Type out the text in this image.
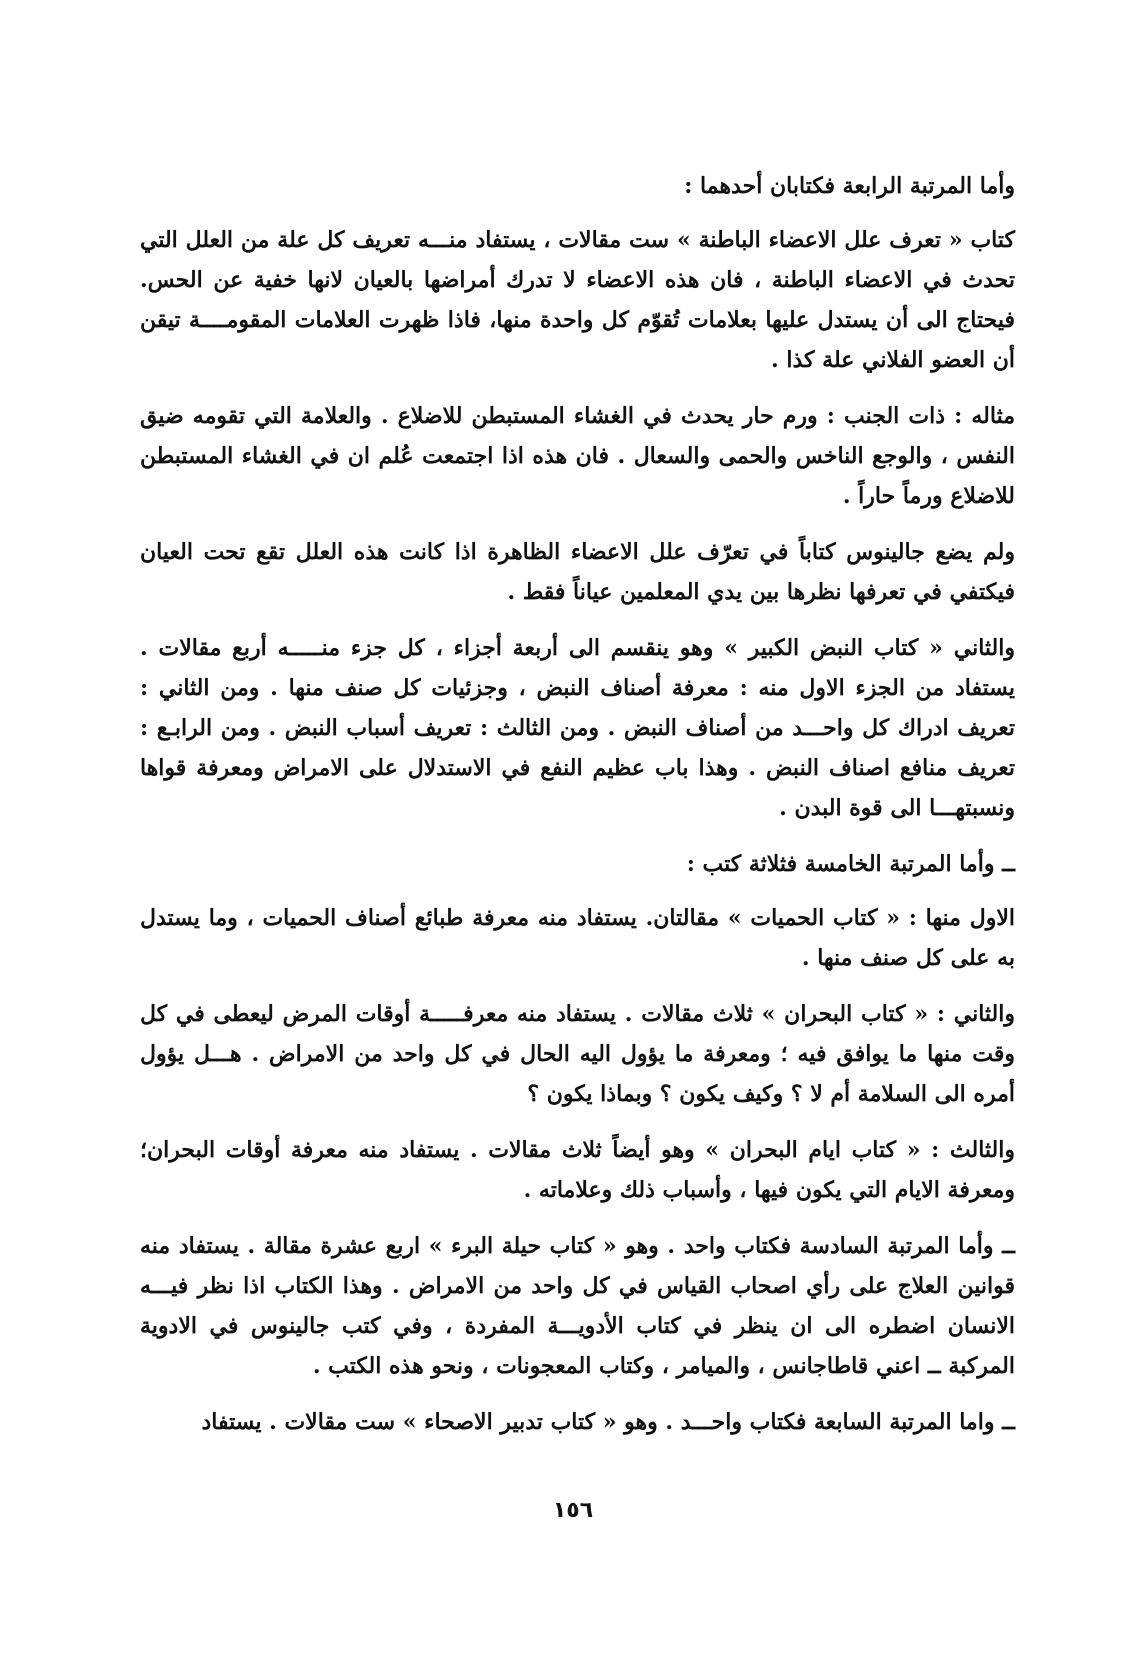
وأما المرتبة الرابعة فكتابان أحدهما :

كتاب « تعرف علل الاعضاء الباطنة » ست مقالات ، يستفاد منـــه تعريف كل علة من العلل التي تحدث في الاعضاء الباطنة ، فان هذه الاعضاء لا تدرك أمراضها بالعيان لانها خفية عن الحس. فيحتاج الى أن يستدل عليها بعلامات تُقوّم كل واحدة منها، فاذا ظهرت العلامات المقومــــة تيقن أن العضو الفلاني علة كذا .

مثاله : ذات الجنب : ورم حار يحدث في الغشاء المستبطن للاضلاع . والعلامة التي تقومه ضيق النفس ، والوجع الناخس والحمى والسعال . فان هذه اذا اجتمعت عُلم ان في الغشاء المستبطن للاضلاع ورماً حاراً .

ولم يضع جالينوس كتاباً في تعرّف علل الاعضاء الظاهرة اذا كانت هذه العلل تقع تحت العيان فيكتفي في تعرفها نظرها بين يدي المعلمين عياناً فقط .

والثاني « كتاب النبض الكبير » وهو ينقسم الى أربعة أجزاء ، كل جزء منـــــه أربع مقالات . يستفاد من الجزء الاول منه : معرفة أصناف النبض ، وجزئيات كل صنف منها . ومن الثاني : تعريف ادراك كل واحـــد من أصناف النبض . ومن الثالث : تعريف أسباب النبض . ومن الرابـع : تعريف منافع اصناف النبض . وهذا باب عظيم النفع في الاستدلال على الامراض ومعرفة قواها ونسبتهـــا الى قوة البدن .

ــ وأما المرتبة الخامسة فثلاثة كتب :

الاول منها : « كتاب الحميات » مقالتان. يستفاد منه معرفة طبائع أصناف الحميات ، وما يستدل به على كل صنف منها .

والثاني : « كتاب البحران » ثلاث مقالات . يستفاد منه معرفـــــة أوقات المرض ليعطى في كل وقت منها ما يوافق فيه ؛ ومعرفة ما يؤول اليه الحال في كل واحد من الامراض . هـــل يؤول أمره الى السلامة أم لا ؟ وكيف يكون ؟ وبماذا يكون ؟

والثالث : « كتاب ايام البحران » وهو أيضاً ثلاث مقالات . يستفاد منه معرفة أوقات البحران؛ ومعرفة الايام التي يكون فيها ، وأسباب ذلك وعلاماته .

ــ وأما المرتبة السادسة فكتاب واحد . وهو « كتاب حيلة البرء » اربع عشرة مقالة . يستفاد منه قوانين العلاج على رأي اصحاب القياس في كل واحد من الامراض . وهذا الكتاب اذا نظر فيـــه الانسان اضطره الى ان ينظر في كتاب الأدويـــة المفردة ، وفي كتب جالينوس في الادوية المركبة ــ اعني قاطاجانس ، والميامر ، وكتاب المعجونات ، ونحو هذه الكتب .

ــ واما المرتبة السابعة فكتاب واحـــد . وهو « كتاب تدبير الاصحاء » ست مقالات . يستفاد

١٥٦
